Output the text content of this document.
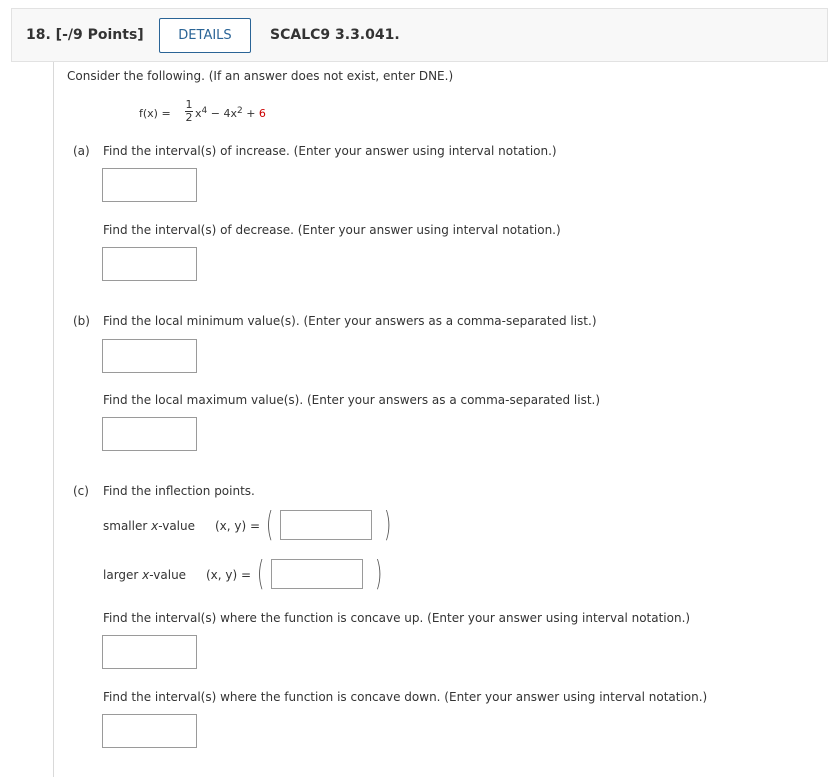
18. [-/9 Points]	DETAILS	SCALC9 3.3.041.
Consider the following. (If an answer does not exist, enter DNE.)
f(x) =
1
2 $x^4 - 4x^2 + 6$
(a) Find the interval(s) of increase. (Enter your answer using interval notation.)
Find the interval(s) of decrease. (Enter your answer using interval notation.)
(b) Find the local minimum value(s). (Enter your answers as a comma-separated list.)
Find the local maximum value(s). (Enter your answers as a comma-separated list.)
(c) Find the inflection points.
smaller x-value (x, y) = (	)
larger x-value (x, y) = (	)
Find the interval(s) where the function is concave up. (Enter your answer using interval notation.)
Find the interval(s) where the function is concave down. (Enter your answer using interval notation.)
